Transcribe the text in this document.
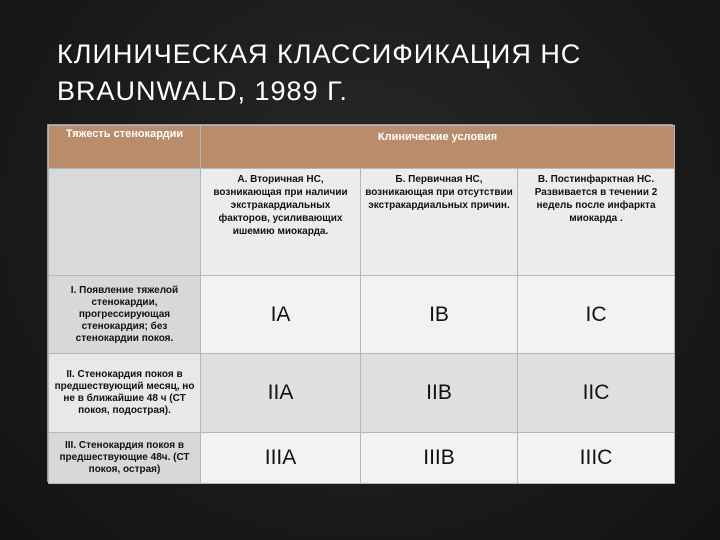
КЛИНИЧЕСКАЯ КЛАССИФИКАЦИЯ НС
BRAUNWALD, 1989 Г.
Тяжесть стенокардии	Клинические условия		
	А. Вторичная НС, возникающая при наличии экстракардиальных факторов, усиливающих ишемию миокарда.	Б. Первичная НС, возникающая при отсутствии экстракардиальных причин.	В. Постинфарктная НС. Развивается в течении 2 недель после инфаркта миокарда .
I. Появление тяжелой стенокардии, прогрессирующая стенокардия; без стенокардии покоя.	IA	IB	IC
II. Стенокардия покоя в предшествующий месяц, но не в ближайшие 48 ч (СТ покоя, подострая).	IIA	IIB	IIC
III. Стенокардия покоя в предшествующие 48ч. (СТ покоя, острая)	IIIA	IIIB	IIIC
